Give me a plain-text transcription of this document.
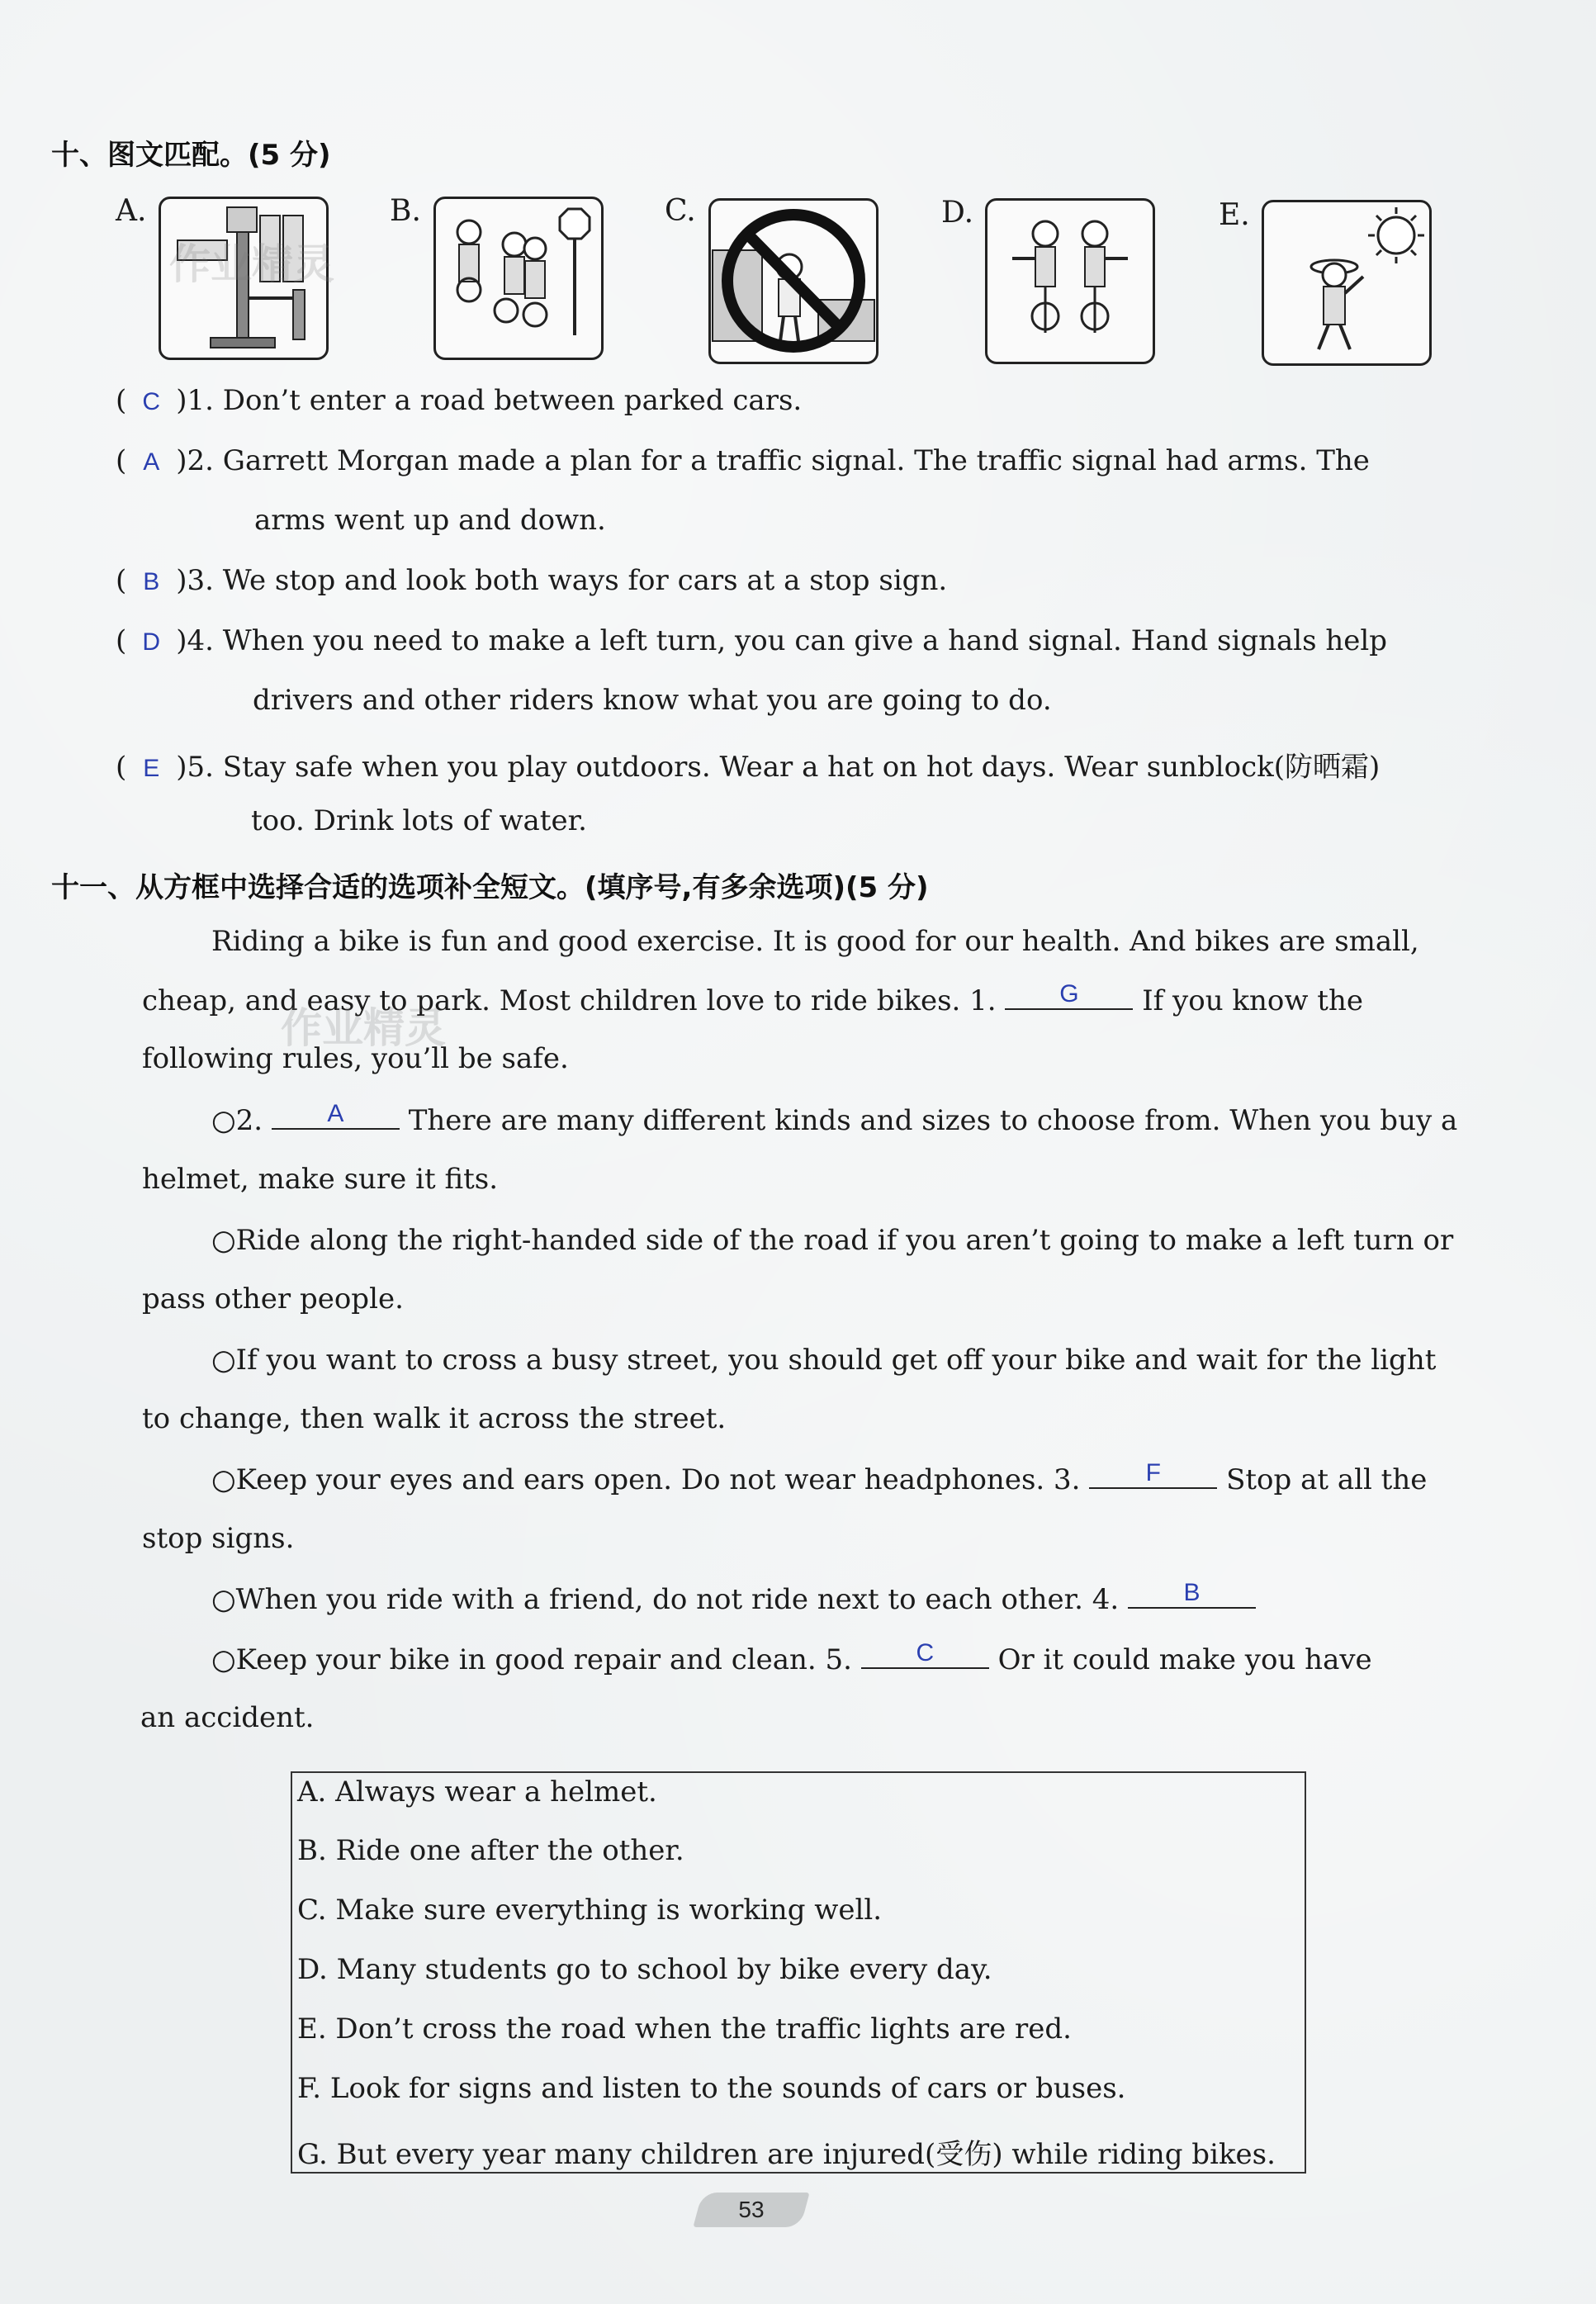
十、图文匹配。(5 分)
A.	B.	C.	D.	E.
作业精灵
( C )1. Don’t enter a road between parked cars.
( A )2. Garrett Morgan made a plan for a traffic signal. The traffic signal had arms. The
arms went up and down.
( B )3. We stop and look both ways for cars at a stop sign.
( D )4. When you need to make a left turn, you can give a hand signal. Hand signals help
drivers and other riders know what you are going to do.
( E )5. Stay safe when you play outdoors. Wear a hat on hot days. Wear sunblock(防晒霜)
too. Drink lots of water.
十一、从方框中选择合适的选项补全短文。(填序号,有多余选项)(5 分)
Riding a bike is fun and good exercise. It is good for our health. And bikes are small,
cheap, and easy to park. Most children love to ride bikes. 1.	G If you know the
following rules, you’ll be safe.
作业精灵
○2.	A There are many different kinds and sizes to choose from. When you buy a
helmet, make sure it fits.
○Ride along the right-handed side of the road if you aren’t going to make a left turn or
pass other people.
○If you want to cross a busy street, you should get off your bike and wait for the light
to change, then walk it across the street.
○Keep your eyes and ears open. Do not wear headphones. 3.	F Stop at all the
stop signs.
○When you ride with a friend, do not ride next to each other. 4.	B
○Keep your bike in good repair and clean. 5.	C Or it could make you have
an accident.
A. Always wear a helmet.
B. Ride one after the other.
C. Make sure everything is working well.
D. Many students go to school by bike every day.
E. Don’t cross the road when the traffic lights are red.
F. Look for signs and listen to the sounds of cars or buses.
G. But every year many children are injured(受伤) while riding bikes.
53
